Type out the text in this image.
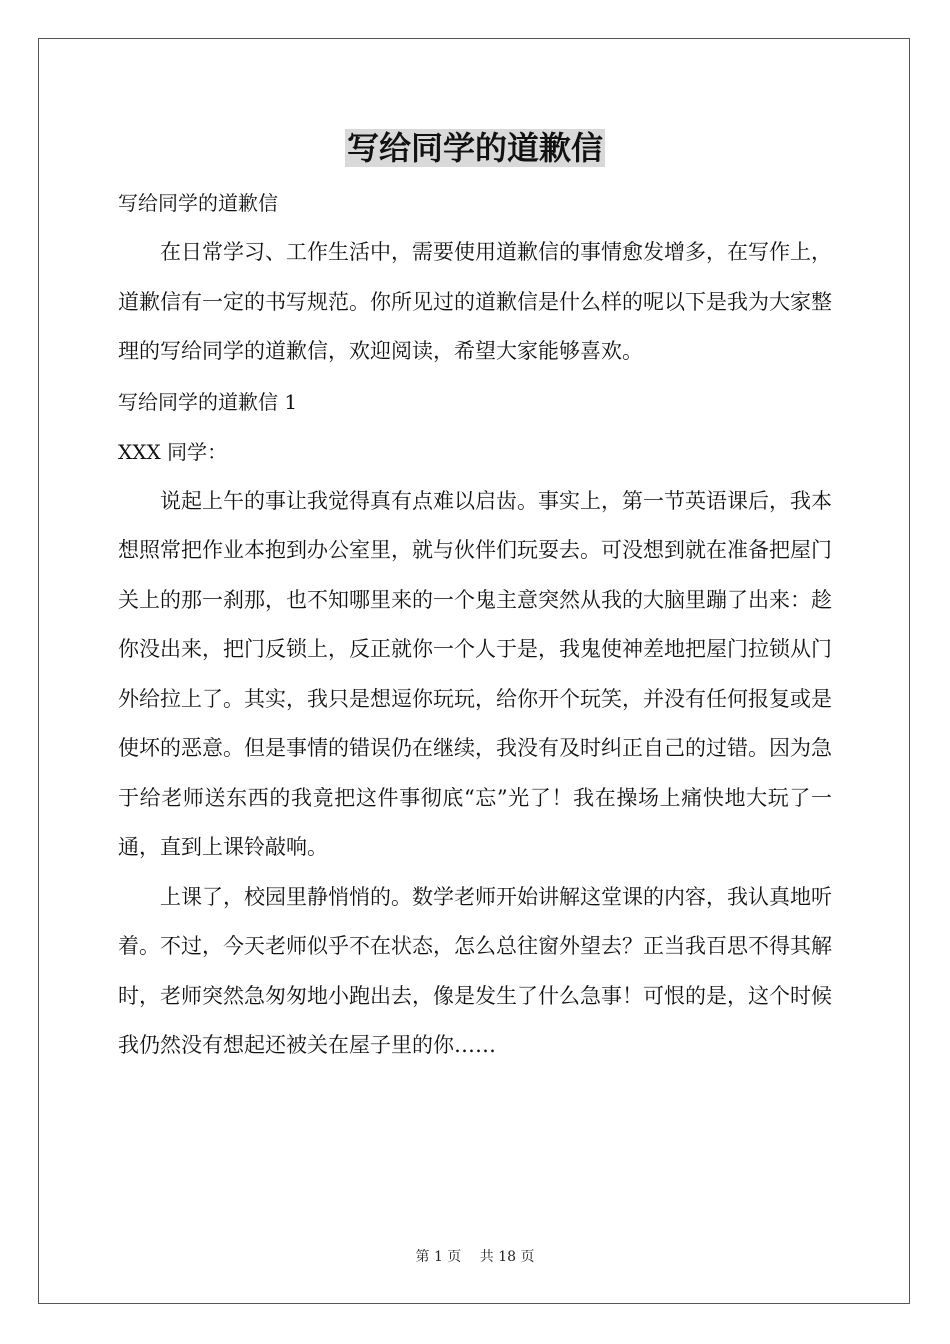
写给同学的道歉信

写给同学的道歉信

在日常学习、工作生活中，需要使用道歉信的事情愈发增多，在写作上，道歉信有一定的书写规范。你所见过的道歉信是什么样的呢以下是我为大家整理的写给同学的道歉信，欢迎阅读，希望大家能够喜欢。

写给同学的道歉信 1

XXX 同学：

说起上午的事让我觉得真有点难以启齿。事实上，第一节英语课后，我本想照常把作业本抱到办公室里，就与伙伴们玩耍去。可没想到就在准备把屋门关上的那一刹那，也不知哪里来的一个鬼主意突然从我的大脑里蹦了出来：趁你没出来，把门反锁上，反正就你一个人于是，我鬼使神差地把屋门拉锁从门外给拉上了。其实，我只是想逗你玩玩，给你开个玩笑，并没有任何报复或是使坏的恶意。但是事情的错误仍在继续，我没有及时纠正自己的过错。因为急于给老师送东西的我竟把这件事彻底“忘”光了！我在操场上痛快地大玩了一通，直到上课铃敲响。

上课了，校园里静悄悄的。数学老师开始讲解这堂课的内容，我认真地听着。不过，今天老师似乎不在状态，怎么总往窗外望去？正当我百思不得其解时，老师突然急匆匆地小跑出去，像是发生了什么急事！可恨的是，这个时候我仍然没有想起还被关在屋子里的你……

第 1 页　 共 18 页
